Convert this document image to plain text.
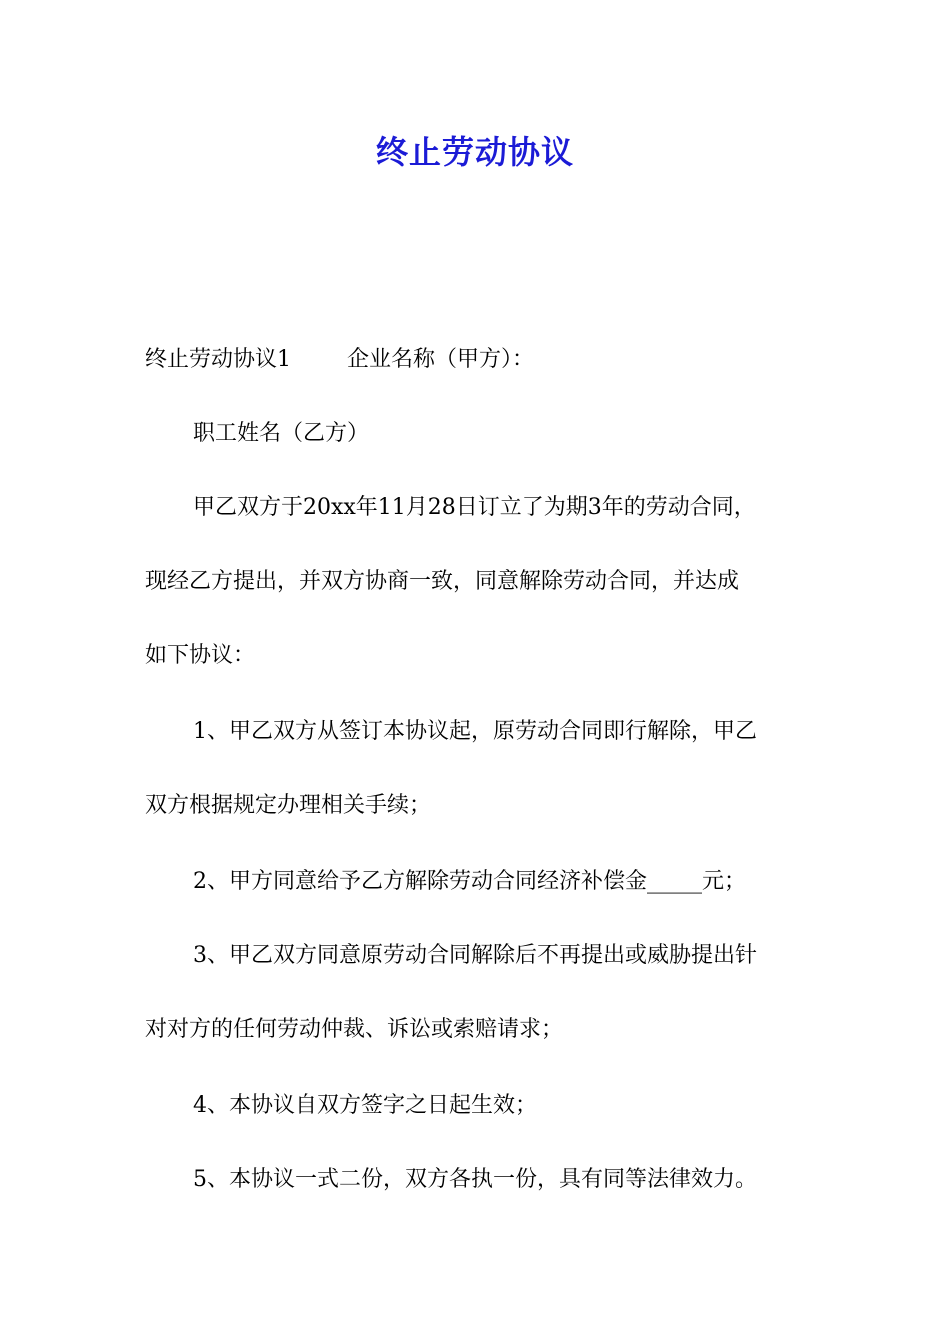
终止劳动协议
终止劳动协议1	企业名称（甲方）：
职工姓名（乙方）
甲乙双方于20xx年11月28日订立了为期3年的劳动合同，
现经乙方提出，并双方协商一致，同意解除劳动合同，并达成
如下协议：
1、甲乙双方从签订本协议起，原劳动合同即行解除，甲乙
双方根据规定办理相关手续；
2、甲方同意给予乙方解除劳动合同经济补偿金_____元；
3、甲乙双方同意原劳动合同解除后不再提出或威胁提出针
对对方的任何劳动仲裁、诉讼或索赔请求；
4、本协议自双方签字之日起生效；
5、本协议一式二份，双方各执一份，具有同等法律效力。
